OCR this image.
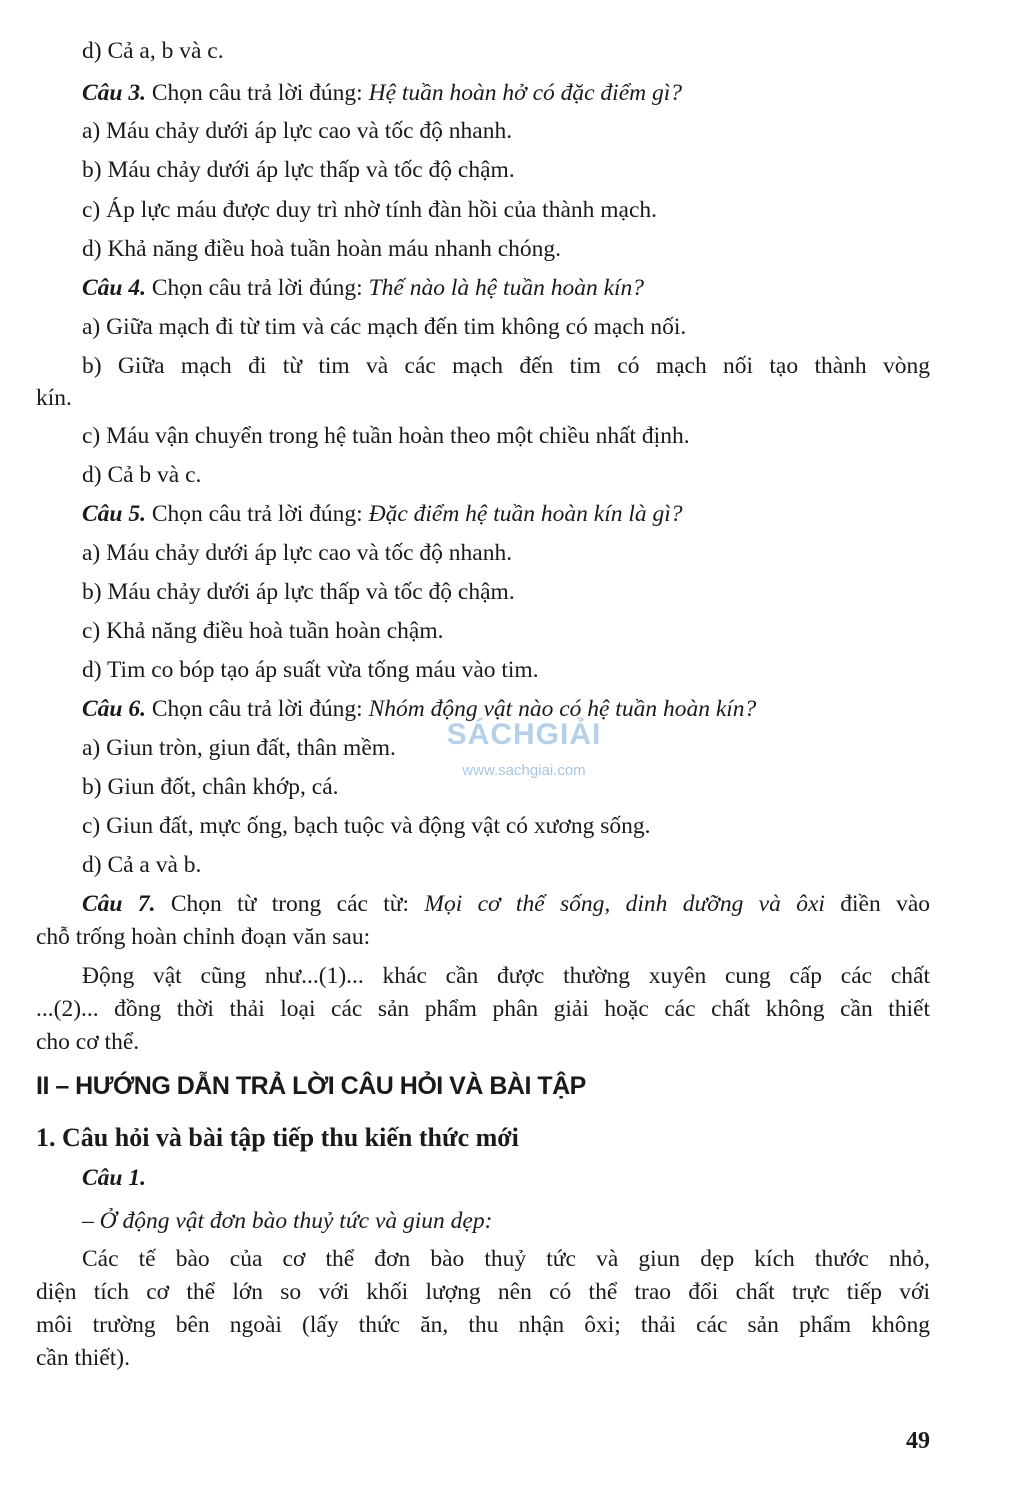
d) Cả a, b và c.
Câu 3. Chọn câu trả lời đúng: Hệ tuần hoàn hở có đặc điểm gì?
a) Máu chảy dưới áp lực cao và tốc độ nhanh.
b) Máu chảy dưới áp lực thấp và tốc độ chậm.
c) Áp lực máu được duy trì nhờ tính đàn hồi của thành mạch.
d) Khả năng điều hoà tuần hoàn máu nhanh chóng.
Câu 4. Chọn câu trả lời đúng: Thế nào là hệ tuần hoàn kín?
a) Giữa mạch đi từ tim và các mạch đến tim không có mạch nối.
b) Giữa mạch đi từ tim và các mạch đến tim có mạch nối tạo thành vòng
kín.
c) Máu vận chuyển trong hệ tuần hoàn theo một chiều nhất định.
d) Cả b và c.
Câu 5. Chọn câu trả lời đúng: Đặc điểm hệ tuần hoàn kín là gì?
a) Máu chảy dưới áp lực cao và tốc độ nhanh.
b) Máu chảy dưới áp lực thấp và tốc độ chậm.
c) Khả năng điều hoà tuần hoàn chậm.
d) Tim co bóp tạo áp suất vừa tống máu vào tim.
Câu 6. Chọn câu trả lời đúng: Nhóm động vật nào có hệ tuần hoàn kín?
a) Giun tròn, giun đất, thân mềm.
b) Giun đốt, chân khớp, cá.
c) Giun đất, mực ống, bạch tuộc và động vật có xương sống.
d) Cả a và b.
Câu 7. Chọn từ trong các từ: Mọi cơ thể sống, dinh dưỡng và ôxi điền vào
chỗ trống hoàn chỉnh đoạn văn sau:
Động vật cũng như...(1)... khác cần được thường xuyên cung cấp các chất
...(2)... đồng thời thải loại các sản phẩm phân giải hoặc các chất không cần thiết
cho cơ thể.
II – HƯỚNG DẪN TRẢ LỜI CÂU HỎI VÀ BÀI TẬP
1. Câu hỏi và bài tập tiếp thu kiến thức mới
Câu 1.
– Ở động vật đơn bào thuỷ tức và giun dẹp:
Các tế bào của cơ thể đơn bào thuỷ tức và giun dẹp kích thước nhỏ,
diện tích cơ thể lớn so với khối lượng nên có thể trao đổi chất trực tiếp với
môi trường bên ngoài (lấy thức ăn, thu nhận ôxi; thải các sản phẩm không
cần thiết).
SÁCHGIẢI
www.sachgiai.com
49
